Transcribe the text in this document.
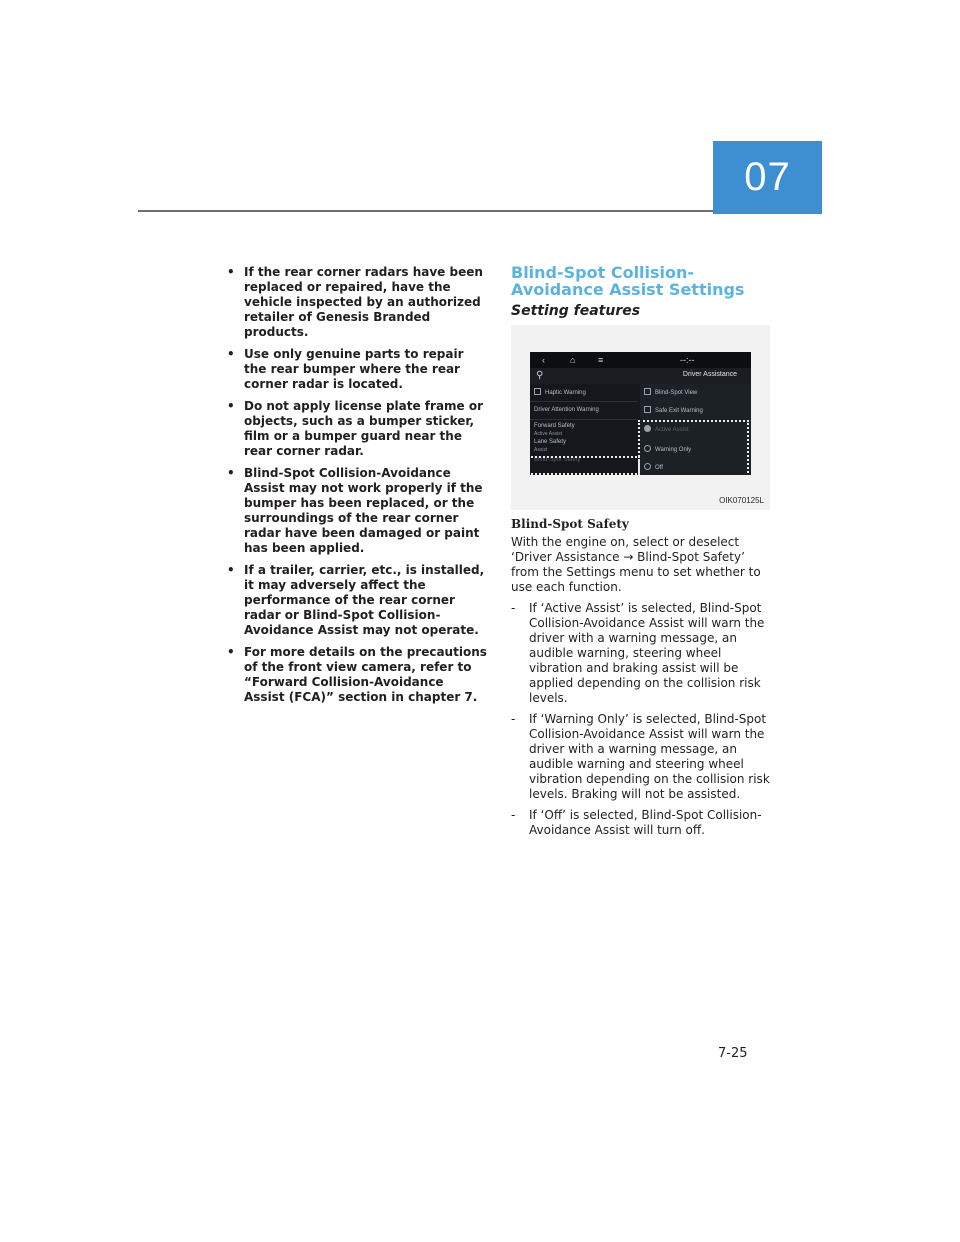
07
• If the rear corner radars have been replaced or repaired, have the vehicle inspected by an authorized retailer of Genesis Branded products.
• Use only genuine parts to repair the rear bumper where the rear corner radar is located.
• Do not apply license plate frame or objects, such as a bumper sticker, film or a bumper guard near the rear corner radar.
• Blind-Spot Collision-Avoidance Assist may not work properly if the bumper has been replaced, or the surroundings of the rear corner radar have been damaged or paint has been applied.
• If a trailer, carrier, etc., is installed, it may adversely affect the performance of the rear corner radar or Blind-Spot Collision-Avoidance Assist may not operate.
• For more details on the precautions of the front view camera, refer to “Forward Collision-Avoidance Assist (FCA)” section in chapter 7.
Blind-Spot Collision-Avoidance Assist Settings
Setting features
‹	⌂	≡	--:--
⚲	Driver Assistance
Haptic Warning
Driver Attention Warning
Forward Safety
Active Assist
Lane Safety
Assist
Blind-Spot Safety
Blind-Spot View
Safe Exit Warning
Active Assist
Warning Only
Off
OIK070125L
Blind-Spot Safety

With the engine on, select or deselect ‘Driver Assistance → Blind-Spot Safety’ from the Settings menu to set whether to use each function.

- If ‘Active Assist’ is selected, Blind-Spot Collision-Avoidance Assist will warn the driver with a warning message, an audible warning, steering wheel vibration and braking assist will be applied depending on the collision risk levels.
- If ‘Warning Only’ is selected, Blind-Spot Collision-Avoidance Assist will warn the driver with a warning message, an audible warning and steering wheel vibration depending on the collision risk levels. Braking will not be assisted.
- If ‘Off’ is selected, Blind-Spot Collision-Avoidance Assist will turn off.
7-25
